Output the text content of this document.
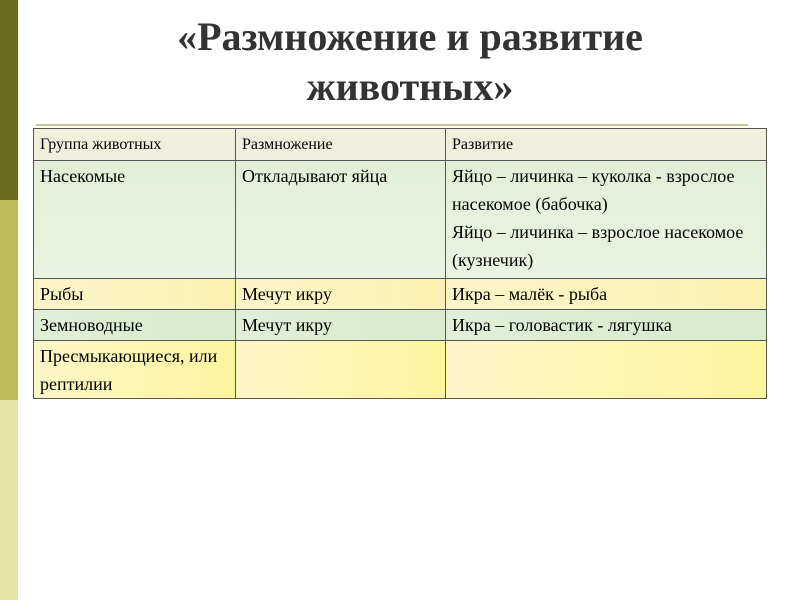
«Размножение и развитие
животных»
Группа животных	Размножение	Развитие
Насекомые	Откладывают яйца	Яйцо – личинка – куколка - взрослое насекомое (бабочка)
Яйцо – личинка – взрослое насекомое (кузнечик)

Рыбы	Мечут икру	Икра – малёк - рыба
Земноводные	Мечут икру	Икра – головастик - лягушка
Пресмыкающиеся, или рептилии		
